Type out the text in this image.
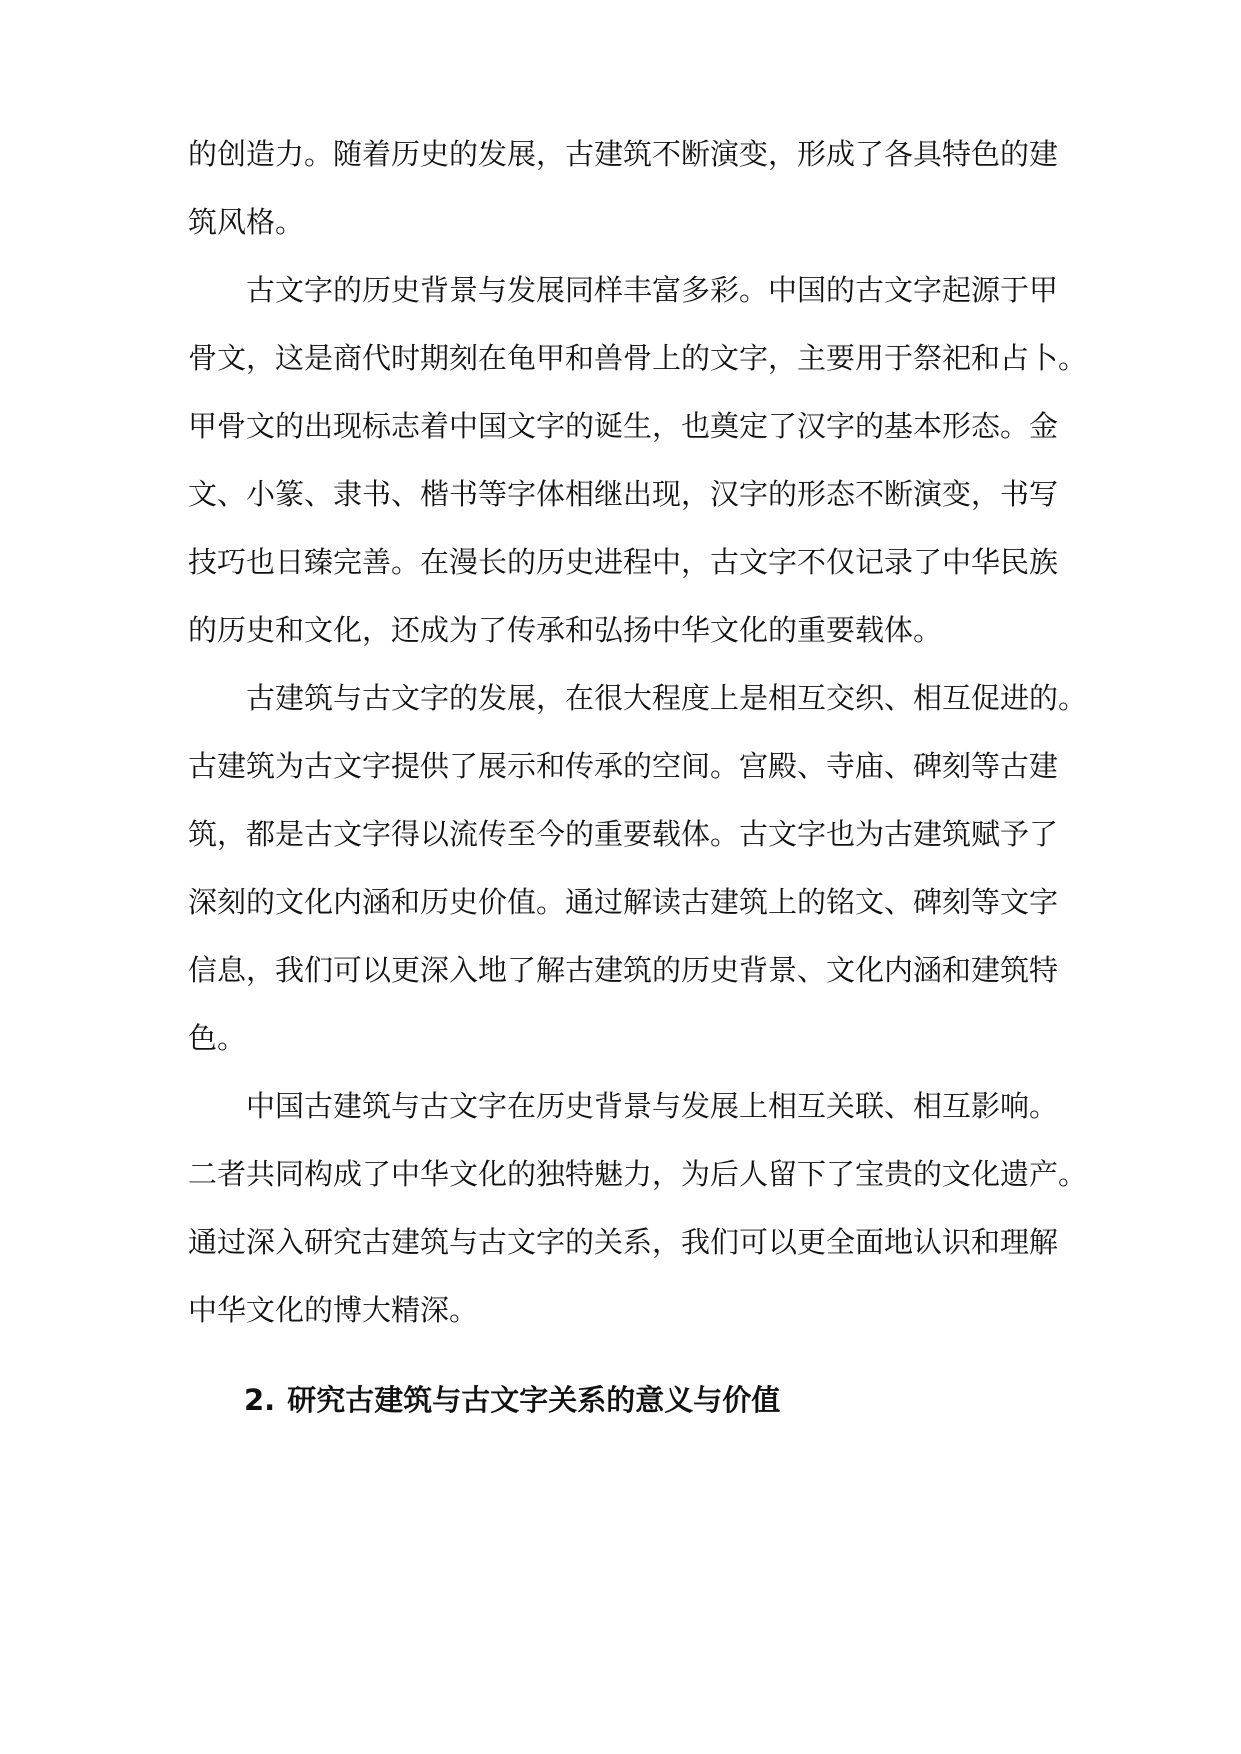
的创造力。随着历史的发展，古建筑不断演变，形成了各具特色的建
筑风格。
古文字的历史背景与发展同样丰富多彩。中国的古文字起源于甲
骨文，这是商代时期刻在龟甲和兽骨上的文字，主要用于祭祀和占卜。
甲骨文的出现标志着中国文字的诞生，也奠定了汉字的基本形态。金
文、小篆、隶书、楷书等字体相继出现，汉字的形态不断演变，书写
技巧也日臻完善。在漫长的历史进程中，古文字不仅记录了中华民族
的历史和文化，还成为了传承和弘扬中华文化的重要载体。
古建筑与古文字的发展，在很大程度上是相互交织、相互促进的。
古建筑为古文字提供了展示和传承的空间。宫殿、寺庙、碑刻等古建
筑，都是古文字得以流传至今的重要载体。古文字也为古建筑赋予了
深刻的文化内涵和历史价值。通过解读古建筑上的铭文、碑刻等文字
信息，我们可以更深入地了解古建筑的历史背景、文化内涵和建筑特
色。
中国古建筑与古文字在历史背景与发展上相互关联、相互影响。
二者共同构成了中华文化的独特魅力，为后人留下了宝贵的文化遗产。
通过深入研究古建筑与古文字的关系，我们可以更全面地认识和理解
中华文化的博大精深。
2. 研究古建筑与古文字关系的意义与价值
